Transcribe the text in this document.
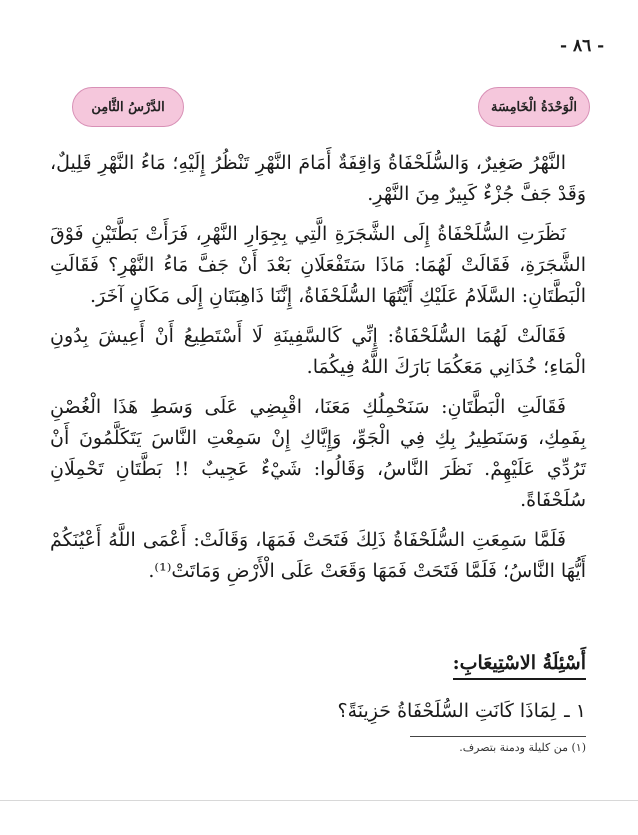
- ٨٦ -
الْوَحْدَةُ الْخَامِسَة
الدَّرْسُ الثَّامِن

النَّهْرُ صَغِيرٌ، وَالسُّلَحْفَاةُ وَاقِفَةٌ أَمَامَ النَّهْرِ تَنْظُرُ إِلَيْهِ؛ مَاءُ النَّهْرِ قَلِيلٌ، وَقَدْ جَفَّ جُزْءٌ كَبِيرٌ مِنَ النَّهْرِ.

نَظَرَتِ السُّلَحْفَاةُ إِلَى الشَّجَرَةِ الَّتِي بِجِوَارِ النَّهْرِ، فَرَأَتْ بَطَّتَيْنِ فَوْقَ الشَّجَرَةِ، فَقَالَتْ لَهُمَا: مَاذَا سَتَفْعَلَانِ بَعْدَ أَنْ جَفَّ مَاءُ النَّهْرِ؟ فَقَالَتِ الْبَطَّتَانِ: السَّلَامُ عَلَيْكِ أَيَّتُهَا السُّلَحْفَاةُ، إِنَّنَا ذَاهِبَتَانِ إِلَى مَكَانٍ آخَرَ.

فَقَالَتْ لَهُمَا السُّلَحْفَاةُ: إِنِّي كَالسَّفِينَةِ لَا أَسْتَطِيعُ أَنْ أَعِيشَ بِدُونِ الْمَاءِ؛ خُذَانِي مَعَكُمَا بَارَكَ اللَّهُ فِيكُمَا.

فَقَالَتِ الْبَطَّتَانِ: سَنَحْمِلُكِ مَعَنَا، اقْبِضِي عَلَى وَسَطِ هَذَا الْغُصْنِ بِفَمِكِ، وَسَنَطِيرُ بِكِ فِي الْجَوِّ، وَإِيَّاكِ إِنْ سَمِعْتِ النَّاسَ يَتَكَلَّمُونَ أَنْ تَرُدِّي عَلَيْهِمْ. نَظَرَ النَّاسُ، وَقَالُوا: شَيْءٌ عَجِيبٌ !! بَطَّتَانِ تَحْمِلَانِ سُلَحْفَاةً.

فَلَمَّا سَمِعَتِ السُّلَحْفَاةُ ذَلِكَ فَتَحَتْ فَمَهَا، وَقَالَتْ: أَعْمَى اللَّهُ أَعْيُنَكُمْ أَيُّهَا النَّاسُ؛ فَلَمَّا فَتَحَتْ فَمَهَا وَقَعَتْ عَلَى الْأَرْضِ وَمَاتَتْ⁽¹⁾.

أَسْئِلَةُ الاسْتِيعَابِ:
١ ـ
لِمَاذَا كَانَتِ السُّلَحْفَاةُ حَزِينَةً؟
(١) من كليلة ودمنة بتصرف.
